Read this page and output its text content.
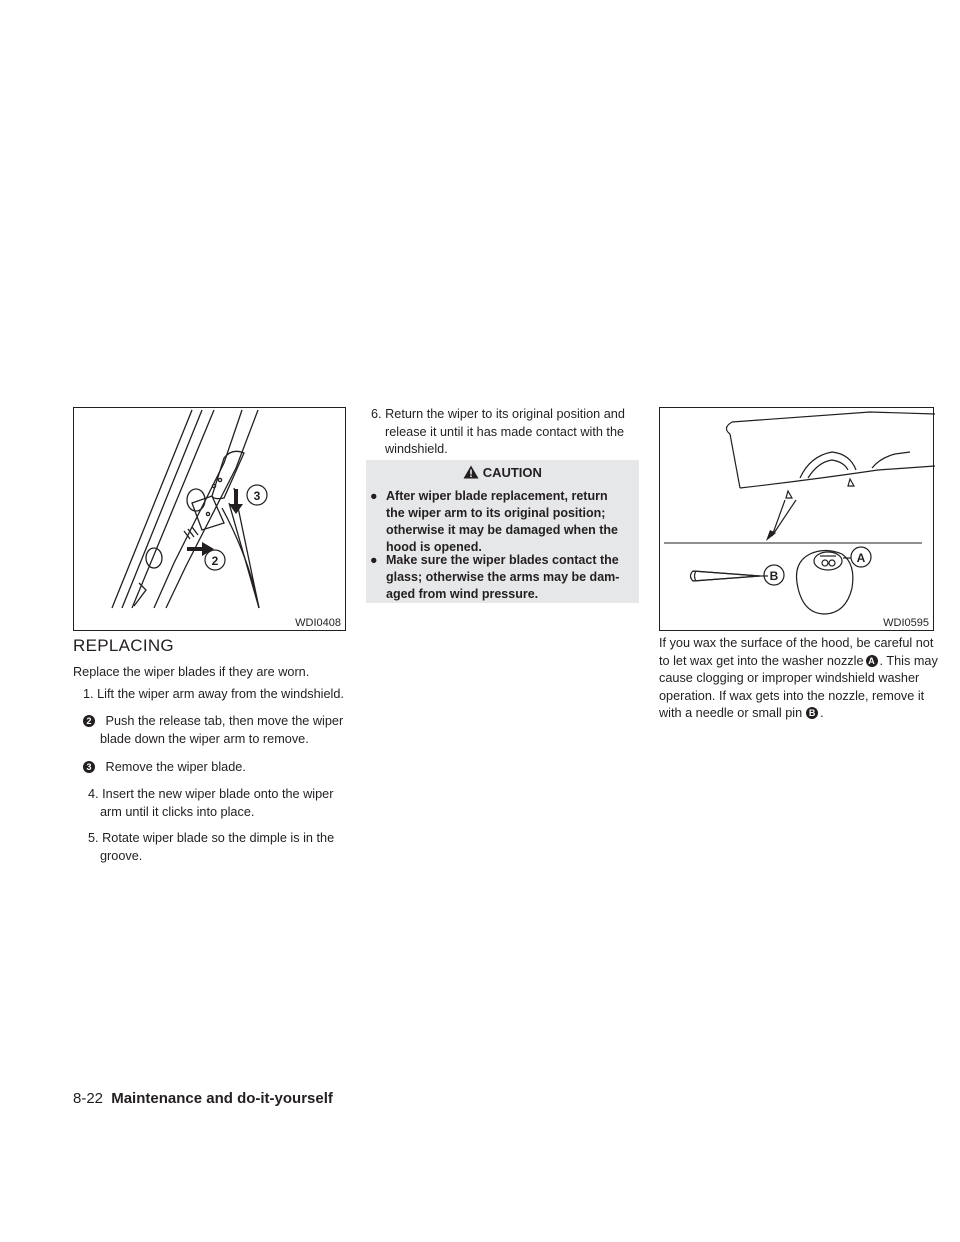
3
2
WDI0408
A
B
WDI0595
REPLACING
Replace the wiper blades if they are worn.
1. Lift the wiper arm away from the windshield.
2 Push the release tab, then move the wiper
blade down the wiper arm to remove.
3 Remove the wiper blade.
4. Insert the new wiper blade onto the wiper
arm until it clicks into place.
5. Rotate wiper blade so the dimple is in the
groove.
6. Return the wiper to its original position and
release it until it has made contact with the
windshield.
CAUTION
● After wiper blade replacement, return
the wiper arm to its original position;
otherwise it may be damaged when the
hood is opened.
● Make sure the wiper blades contact the
glass; otherwise the arms may be dam-
aged from wind pressure.
If you wax the surface of the hood, be careful not
to let wax get into the washer nozzle A . This may
cause clogging or improper windshield washer
operation. If wax gets into the nozzle, remove it
with a needle or small pin B .
8-22 Maintenance and do-it-yourself
